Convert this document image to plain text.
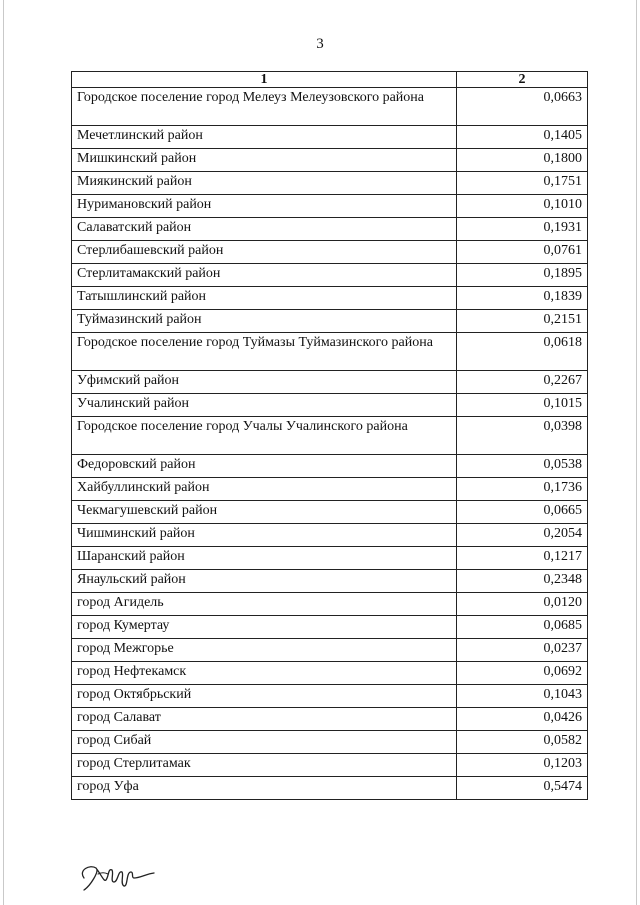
3
1	2
Городское поселение город Мелеуз Мелеузовского района	0,0663
Мечетлинский район	0,1405
Мишкинский район	0,1800
Миякинский район	0,1751
Нуримановский район	0,1010
Салаватский район	0,1931
Стерлибашевский район	0,0761
Стерлитамакский район	0,1895
Татышлинский район	0,1839
Туймазинский район	0,2151
Городское поселение город Туймазы Туймазинского района	0,0618
Уфимский район	0,2267
Учалинский район	0,1015
Городское поселение город Учалы Учалинского района	0,0398
Федоровский район	0,0538
Хайбуллинский район	0,1736
Чекмагушевский район	0,0665
Чишминский район	0,2054
Шаранский район	0,1217
Янаульский район	0,2348
город Агидель	0,0120
город Кумертау	0,0685
город Межгорье	0,0237
город Нефтекамск	0,0692
город Октябрьский	0,1043
город Салават	0,0426
город Сибай	0,0582
город Стерлитамак	0,1203
город Уфа	0,5474
